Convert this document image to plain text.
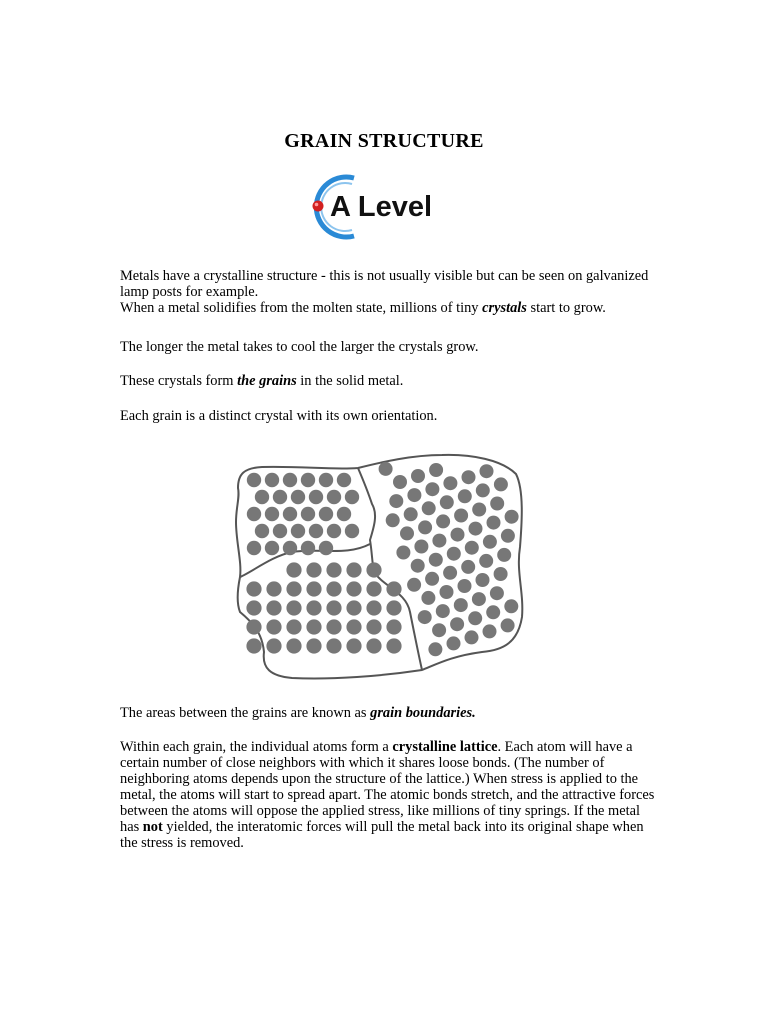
GRAIN STRUCTURE
A Level
Metals have a crystalline structure - this is not usually visible but can be seen on galvanized lamp posts for example.
When a metal solidifies from the molten state, millions of tiny crystals start to grow.
The longer the metal takes to cool the larger the crystals grow.
These crystals form the grains in the solid metal.
Each grain is a distinct crystal with its own orientation.
The areas between the grains are known as grain boundaries.
Within each grain, the individual atoms form a crystalline lattice. Each atom will have a certain number of close neighbors with which it shares loose bonds. (The number of neighboring atoms depends upon the structure of the lattice.) When stress is applied to the metal, the atoms will start to spread apart. The atomic bonds stretch, and the attractive forces between the atoms will oppose the applied stress, like millions of tiny springs. If the metal has not yielded, the interatomic forces will pull the metal back into its original shape when the stress is removed.
